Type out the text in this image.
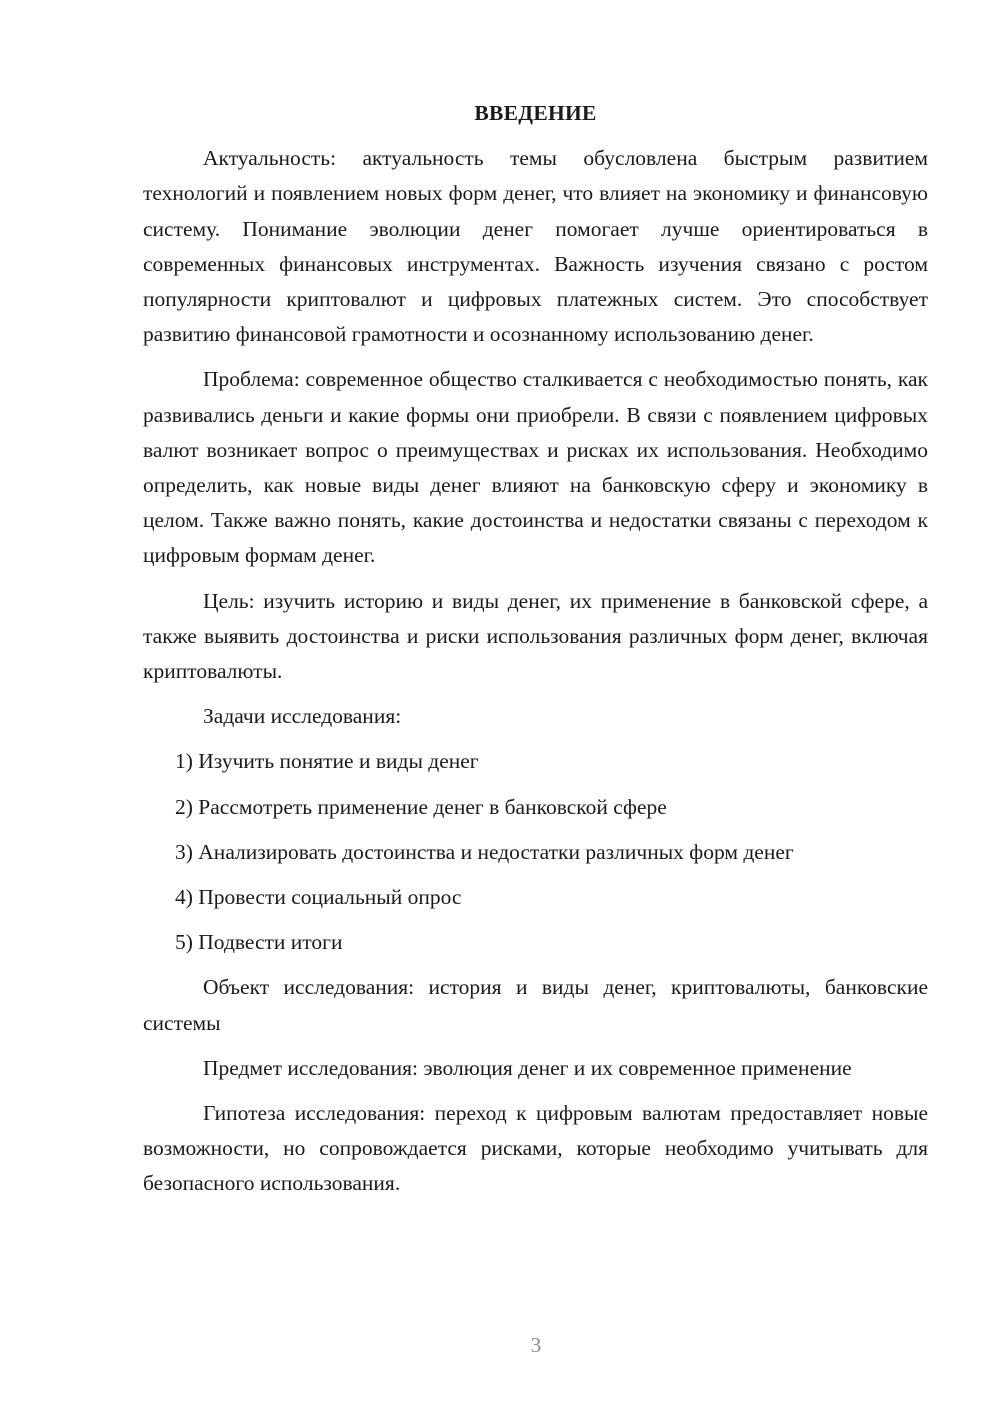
ВВЕДЕНИЕ

Актуальность: актуальность темы обусловлена быстрым развитием технологий и появлением новых форм денег, что влияет на экономику и финансовую систему. Понимание эволюции денег помогает лучше ориентироваться в современных финансовых инструментах. Важность изучения связано с ростом популярности криптовалют и цифровых платежных систем. Это способствует развитию финансовой грамотности и осознанному использованию денег.

Проблема: современное общество сталкивается с необходимостью понять, как развивались деньги и какие формы они приобрели. В связи с появлением цифровых валют возникает вопрос о преимуществах и рисках их использования. Необходимо определить, как новые виды денег влияют на банковскую сферу и экономику в целом. Также важно понять, какие достоинства и недостатки связаны с переходом к цифровым формам денег.

Цель: изучить историю и виды денег, их применение в банковской сфере, а также выявить достоинства и риски использования различных форм денег, включая криптовалюты.

Задачи исследования:
1) Изучить понятие и виды денег
2) Рассмотреть применение денег в банковской сфере
3) Анализировать достоинства и недостатки различных форм денег
4) Провести социальный опрос
5) Подвести итоги

Объект исследования: история и виды денег, криптовалюты, банковские системы

Предмет исследования: эволюция денег и их современное применение

Гипотеза исследования: переход к цифровым валютам предоставляет новые возможности, но сопровождается рисками, которые необходимо учитывать для безопасного использования.

3
